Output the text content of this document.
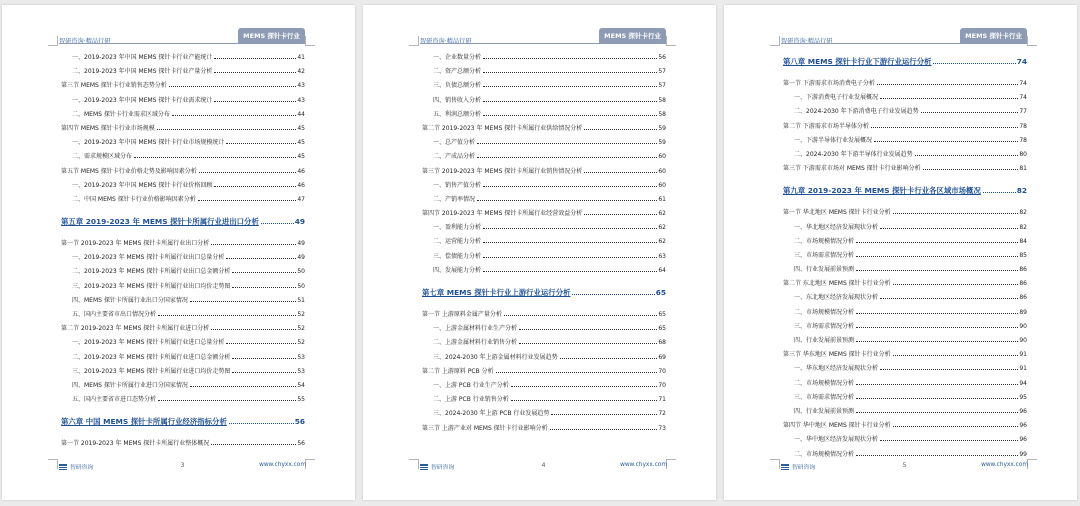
智研咨询·精品行研
MEMS 探针卡行业
一、2019-2023 年中国 MEMS 探针卡行业产能统计	41
二、2019-2023 年中国 MEMS 探针卡行业产量分析	42
第三节 MEMS 探针卡行业销售态势分析	43
一、2019-2023 年中国 MEMS 探针卡行业需求统计	43
二、MEMS 探针卡行业需求区域分布	44
第四节 MEMS 探针卡行业市场规模	45
一、2019-2023 年中国 MEMS 探针卡行业市场规模统计	45
二、需求规模区域分布	45
第五节 MEMS 探针卡行业价格走势及影响因素分析	46
一、2019-2023 年中国 MEMS 探针卡行业价格回顾	46
二、中国 MEMS 探针卡行业价格影响因素分析	47
第五章 2019-2023 年 MEMS 探针卡所属行业进出口分析	49
第一节 2019-2023 年 MEMS 探针卡所属行业出口分析	49
一、2019-2023 年 MEMS 探针卡所属行业出口总量分析	49
二、2019-2023 年 MEMS 探针卡所属行业出口总金额分析	50
三、2019-2023 年 MEMS 探针卡所属行业出口均价走势图	50
四、MEMS 探针卡所属行业出口分国家情况	51
五、国内主要省市出口情况分析	52
第二节 2019-2023 年 MEMS 探针卡所属行业进口分析	52
一、2019-2023 年 MEMS 探针卡所属行业进口总量分析	52
二、2019-2023 年 MEMS 探针卡所属行业进口总金额分析	53
三、2019-2023 年 MEMS 探针卡所属行业进口均价走势图	53
四、MEMS 探针卡所属行业进口分国家情况	54
五、国内主要省市进口态势分析	55
第六章 中国 MEMS 探针卡所属行业经济指标分析	56
第一节 2019-2023 年 MEMS 探针卡所属行业整体概况	56
智研咨询	3	www.chyxx.com
智研咨询·精品行研
MEMS 探针卡行业
一、企业数量分析	56
二、资产总额分析	57
三、负债总额分析	57
四、销售收入分析	58
五、利润总额分析	58
第二节 2019-2023 年 MEMS 探针卡所属行业供给情况分析	59
一、总产值分析	59
二、产成品分析	60
第三节 2019-2023 年 MEMS 探针卡所属行业销售情况分析	60
一、销售产值分析	60
二、产销率情况	61
第四节 2019-2023 年 MEMS 探针卡所属行业经营效益分析	62
一、盈利能力分析	62
二、运营能力分析	62
三、偿债能力分析	63
四、发展能力分析	64
第七章 MEMS 探针卡行业上游行业运行分析	65
第一节 上游原料金属产量分析	65
一、上游金属材料行业生产分析	65
二、上游金属材料行业销售分析	68
三、2024-2030 年上游金属材料行业发展趋势	69
第二节 上游原料 PCB 分析	70
一、上游 PCB 行业生产分析	70
二、上游 PCB 行业销售分析	71
三、2024-2030 年上游 PCB 行业发展趋势	72
第三节 上游产业对 MEMS 探针卡行业影响分析	73
智研咨询	4	www.chyxx.com
智研咨询·精品行研
MEMS 探针卡行业
第八章 MEMS 探针卡行业下游行业运行分析	74
第一节 下游需求市场消费电子分析	74
一、下游消费电子行业发展概况	74
二、2024-2030 年下游消费电子行业发展趋势	77
第二节 下游需求市场半导体分析	78
一、下游半导体行业发展概况	78
二、2024-2030 年下游半导体行业发展趋势	80
第三节 下游需求市场对 MEMS 探针卡行业影响分析	81
第九章 2019-2023 年 MEMS 探针卡行业各区域市场概况	82
第一节 华北地区 MEMS 探针卡行业分析	82
一、华北地区经济发展现状分析	82
二、市场规模情况分析	84
三、市场需求情况分析	85
四、行业发展前景预测	86
第二节 东北地区 MEMS 探针卡行业分析	86
一、东北地区经济发展现状分析	86
二、市场规模情况分析	89
三、市场需求情况分析	90
四、行业发展前景预测	90
第三节 华东地区 MEMS 探针卡行业分析	91
一、华东地区经济发展现状分析	91
二、市场规模情况分析	94
三、市场需求情况分析	95
四、行业发展前景预测	96
第四节 华中地区 MEMS 探针卡行业分析	96
一、华中地区经济发展现状分析	96
二、市场规模情况分析	99
智研咨询	5	www.chyxx.com
